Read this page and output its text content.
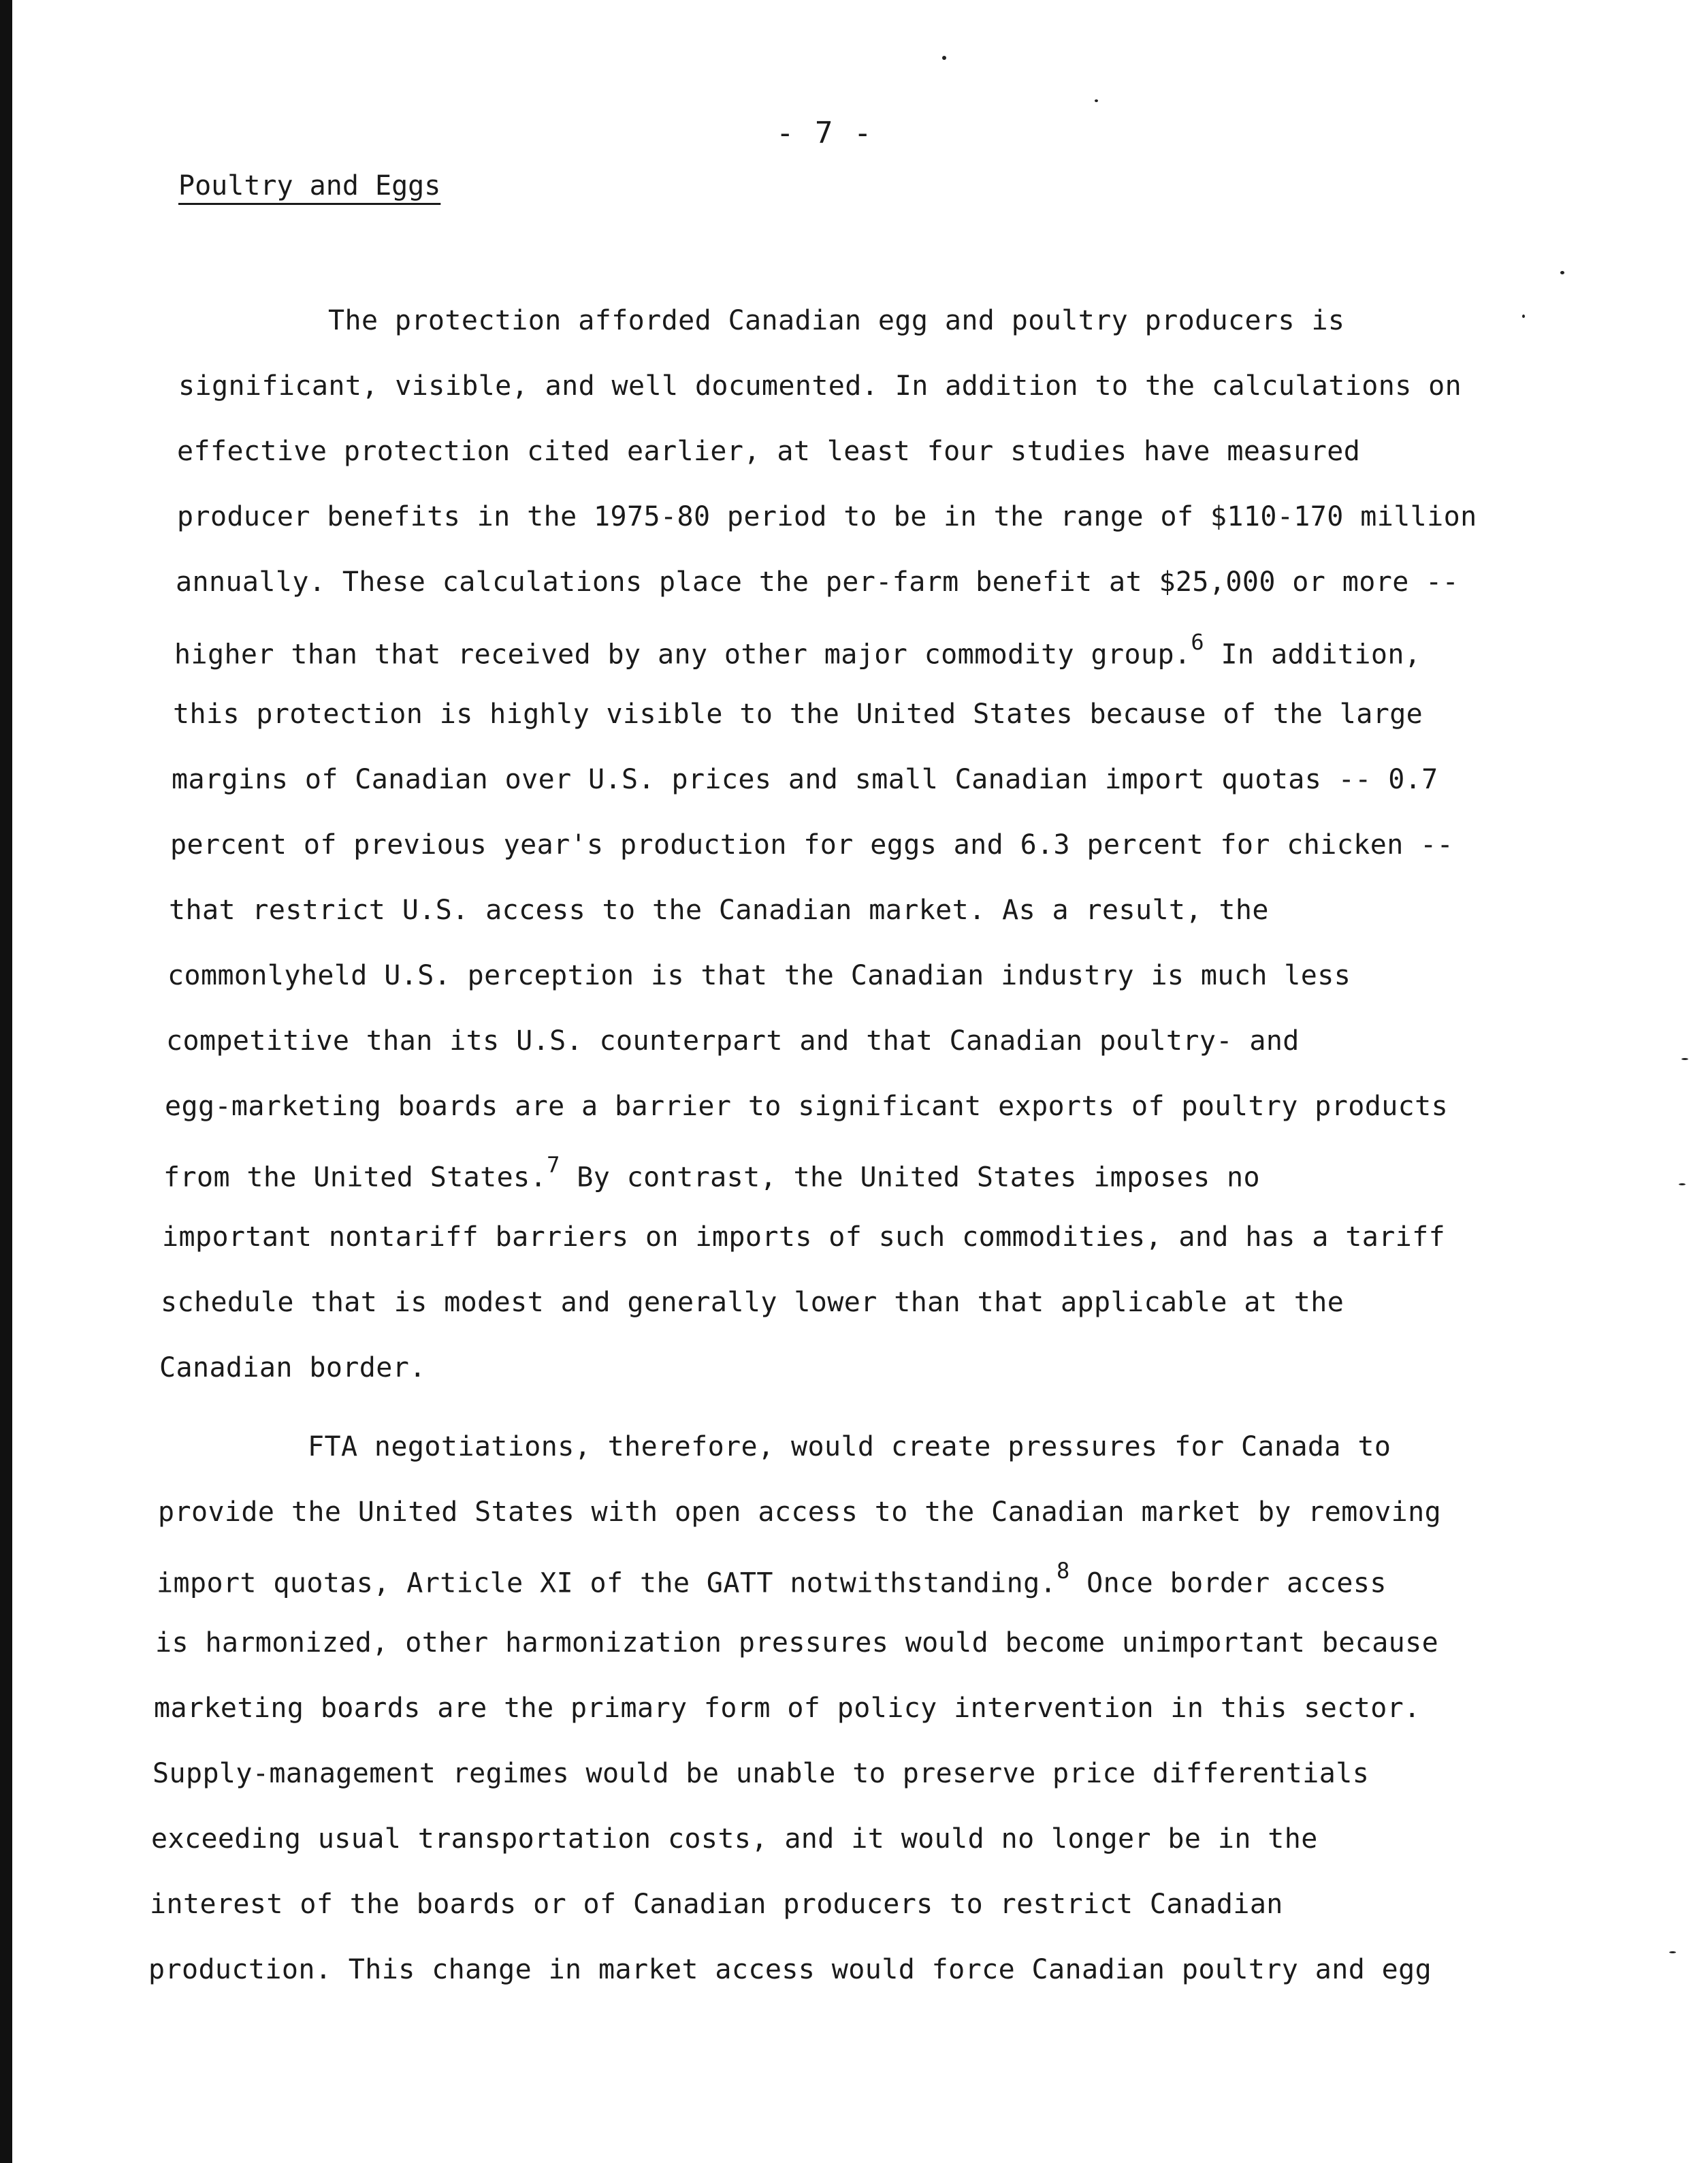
- 7 -
Poultry and Eggs
The protection afforded Canadian egg and poultry producers is
significant, visible, and well documented. In addition to the calculations on
effective protection cited earlier, at least four studies have measured
producer benefits in the 1975-80 period to be in the range of $110-170 million
annually. These calculations place the per-farm benefit at $25,000 or more --
higher than that received by any other major commodity group.$^6$ In addition,
this protection is highly visible to the United States because of the large
margins of Canadian over U.S. prices and small Canadian import quotas -- 0.7
percent of previous year's production for eggs and 6.3 percent for chicken --
that restrict U.S. access to the Canadian market. As a result, the
commonlyheld U.S. perception is that the Canadian industry is much less
competitive than its U.S. counterpart and that Canadian poultry- and
egg-marketing boards are a barrier to significant exports of poultry products
from the United States.$^7$ By contrast, the United States imposes no
important nontariff barriers on imports of such commodities, and has a tariff
schedule that is modest and generally lower than that applicable at the
Canadian border.
FTA negotiations, therefore, would create pressures for Canada to
provide the United States with open access to the Canadian market by removing
import quotas, Article XI of the GATT notwithstanding.$^8$ Once border access
is harmonized, other harmonization pressures would become unimportant because
marketing boards are the primary form of policy intervention in this sector.
Supply-management regimes would be unable to preserve price differentials
exceeding usual transportation costs, and it would no longer be in the
interest of the boards or of Canadian producers to restrict Canadian
production. This change in market access would force Canadian poultry and egg
